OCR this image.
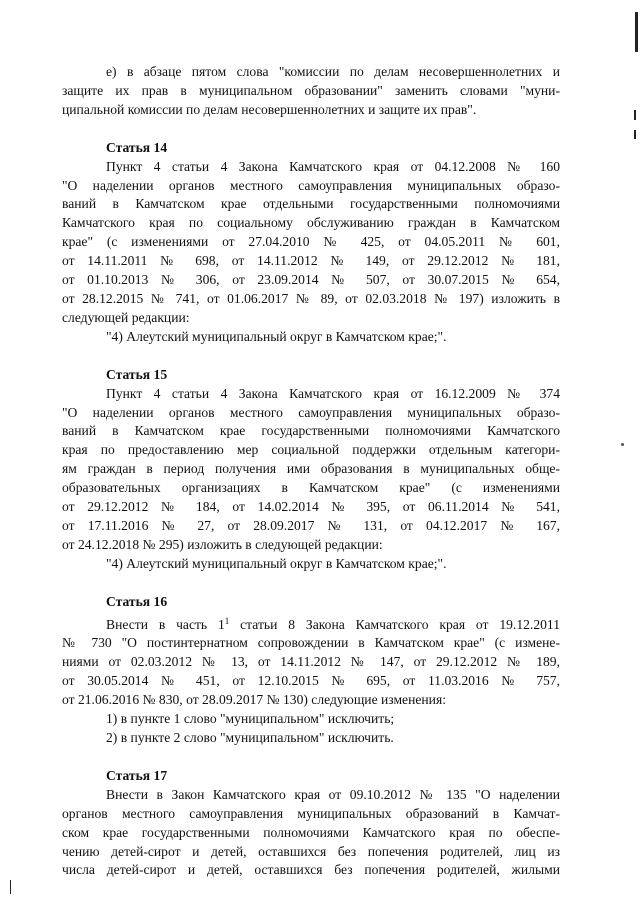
е) в абзаце пятом слова "комиссии по делам несовершеннолетних и
защите их прав в муниципальном образовании" заменить словами "муни-
ципальной комиссии по делам несовершеннолетних и защите их прав".
Статья 14
Пункт 4 статьи 4 Закона Камчатского края от 04.12.2008 № 160
"О наделении органов местного самоуправления муниципальных образо-
ваний в Камчатском крае отдельными государственными полномочиями
Камчатского края по социальному обслуживанию граждан в Камчатском
крае" (с изменениями от 27.04.2010 № 425, от 04.05.2011 № 601,
от 14.11.2011 № 698, от 14.11.2012 № 149, от 29.12.2012 № 181,
от 01.10.2013 № 306, от 23.09.2014 № 507, от 30.07.2015 № 654,
от 28.12.2015 № 741, от 01.06.2017 № 89, от 02.03.2018 № 197) изложить в
следующей редакции:
"4) Алеутский муниципальный округ в Камчатском крае;".
Статья 15
Пункт 4 статьи 4 Закона Камчатского края от 16.12.2009 № 374
"О наделении органов местного самоуправления муниципальных образо-
ваний в Камчатском крае государственными полномочиями Камчатского
края по предоставлению мер социальной поддержки отдельным категори-
ям граждан в период получения ими образования в муниципальных обще-
образовательных организациях в Камчатском крае" (с изменениями
от 29.12.2012 № 184, от 14.02.2014 № 395, от 06.11.2014 № 541,
от 17.11.2016 № 27, от 28.09.2017 № 131, от 04.12.2017 № 167,
от 24.12.2018 № 295) изложить в следующей редакции:
"4) Алеутский муниципальный округ в Камчатском крае;".
Статья 16
Внести в часть $1^1$ статьи 8 Закона Камчатского края от 19.12.2011
№ 730 "О постинтернатном сопровождении в Камчатском крае" (с измене-
ниями от 02.03.2012 № 13, от 14.11.2012 № 147, от 29.12.2012 № 189,
от 30.05.2014 № 451, от 12.10.2015 № 695, от 11.03.2016 № 757,
от 21.06.2016 № 830, от 28.09.2017 № 130) следующие изменения:
1) в пункте 1 слово "муниципальном" исключить;
2) в пункте 2 слово "муниципальном" исключить.
Статья 17
Внести в Закон Камчатского края от 09.10.2012 № 135 "О наделении
органов местного самоуправления муниципальных образований в Камчат-
ском крае государственными полномочиями Камчатского края по обеспе-
чению детей-сирот и детей, оставшихся без попечения родителей, лиц из
числа детей-сирот и детей, оставшихся без попечения родителей, жилыми
